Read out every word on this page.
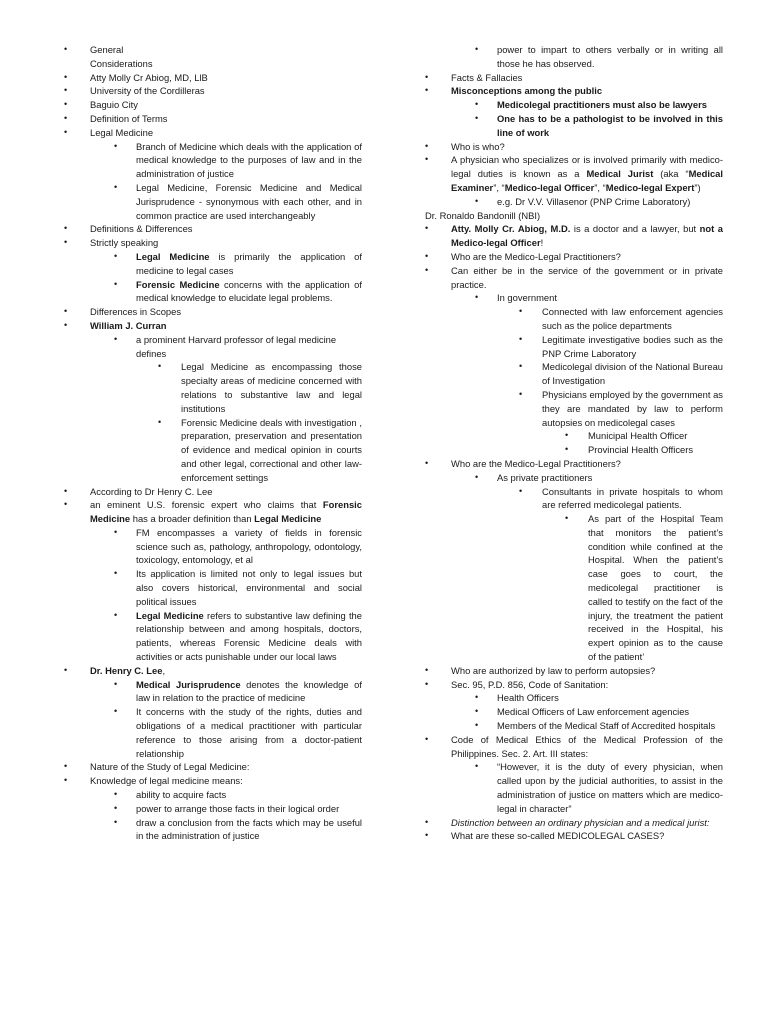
• General
Considerations
• Atty Molly Cr Abiog, MD, LlB
• University of the Cordilleras
• Baguio City
• Definition of Terms
• Legal Medicine
• Branch of Medicine which deals with the application of medical knowledge to the purposes of law and in the administration of justice
• Legal Medicine, Forensic Medicine and Medical Jurisprudence - synonymous with each other, and in common practice are used interchangeably
• Definitions & Differences
• Strictly speaking
• Legal Medicine is primarily the application of medicine to legal cases
• Forensic Medicine concerns with the application of medical knowledge to elucidate legal problems.
• Differences in Scopes
• William J. Curran
• a prominent Harvard professor of legal medicine defines
• Legal Medicine as encompassing those specialty areas of medicine concerned with relations to substantive law and legal institutions
• Forensic Medicine deals with investigation , preparation, preservation and presentation of evidence and medical opinion in courts and other legal, correctional and other law-enforcement settings
• According to Dr Henry C. Lee
• an eminent U.S. forensic expert who claims that Forensic Medicine has a broader definition than Legal Medicine
• FM encompasses a variety of fields in forensic science such as, pathology, anthropology, odontology, toxicology, entomology, et al
• Its application is limited not only to legal issues but also covers historical, environmental and social political issues
• Legal Medicine refers to substantive law defining the relationship between and among hospitals, doctors, patients, whereas Forensic Medicine deals with activities or acts punishable under our local laws
• Dr. Henry C. Lee,
• Medical Jurisprudence denotes the knowledge of law in relation to the practice of medicine
• It concerns with the study of the rights, duties and obligations of a medical practitioner with particular reference to those arising from a doctor-patient relationship
• Nature of the Study of Legal Medicine:
• Knowledge of legal medicine means:
• ability to acquire facts
• power to arrange those facts in their logical order
• draw a conclusion from the facts which may be useful in the administration of justice
• power to impart to others verbally or in writing all those he has observed.
• Facts & Fallacies
• Misconceptions among the public
• Medicolegal practitioners must also be lawyers
• One has to be a pathologist to be involved in this line of work
• Who is who?
• A physician who specializes or is involved primarily with medico-legal duties is known as a Medical Jurist (aka “Medical Examiner”, “Medico-legal Officer”, “Medico-legal Expert”)
• e.g. Dr V.V. Villasenor (PNP Crime Laboratory)
Dr. Ronaldo Bandonill (NBI)
• Atty. Molly Cr. Abiog, M.D. is a doctor and a lawyer, but not a Medico-legal Officer!
• Who are the Medico-Legal Practitioners?
• Can either be in the service of the government or in private practice.
• In government
• Connected with law enforcement agencies such as the police departments
• Legitimate investigative bodies such as the PNP Crime Laboratory
• Medicolegal division of the National Bureau of Investigation
• Physicians employed by the government as they are mandated by law to perform autopsies on medicolegal cases
• Municipal Health Officer
• Provincial Health Officers
• Who are the Medico-Legal Practitioners?
• As private practitioners
• Consultants in private hospitals to whom are referred medicolegal patients.
• As part of the Hospital Team that monitors the patient’s condition while confined at the Hospital. When the patient’s case goes to court, the medicolegal practitioner is called to testify on the fact of the injury, the treatment the patient received in the Hospital, his expert opinion as to the cause of the patient’
• Who are authorized by law to perform autopsies?
• Sec. 95, P.D. 856, Code of Sanitation:
• Health Officers
• Medical Officers of Law enforcement agencies
• Members of the Medical Staff of Accredited hospitals
• Code of Medical Ethics of the Medical Profession of the Philippines. Sec. 2. Art. III states:
• “However, it is the duty of every physician, when called upon by the judicial authorities, to assist in the administration of justice on matters which are medico-legal in character”
• Distinction between an ordinary physician and a medical jurist:
• What are these so-called MEDICOLEGAL CASES?
